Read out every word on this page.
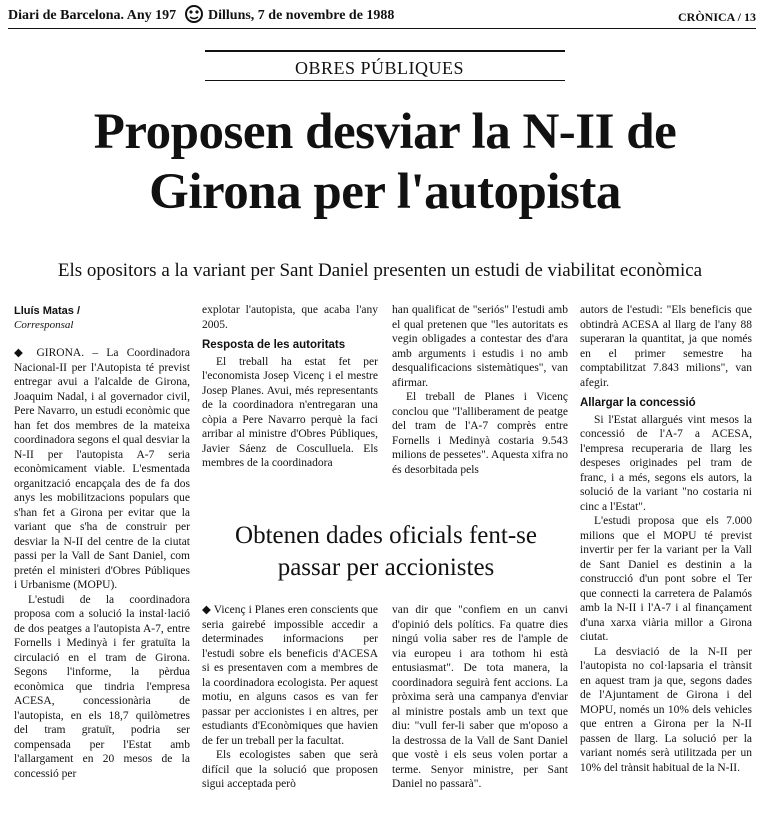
Diari de Barcelona. Any 197 Dilluns, 7 de novembre de 1988	CRÒNICA / 13
OBRES PÚBLIQUES
Proposen desviar la N-II de Girona per l'autopista
Els opositors a la variant per Sant Daniel presenten un estudi de viabilitat econòmica
Lluís Matas /
Corresponsal

◆ GIRONA. – La Coordinadora Nacional-II per l'Autopista té previst entregar avui a l'alcalde de Girona, Joaquim Nadal, i al governador civil, Pere Navarro, un estudi econòmic que han fet dos membres de la mateixa coordinadora segons el qual desviar la N-II per l'autopista A-7 seria econòmicament viable. L'esmentada organització encapçala des de fa dos anys les mobilitzacions populars que s'han fet a Girona per evitar que la variant que s'ha de construir per desviar la N-II del centre de la ciutat passi per la Vall de Sant Daniel, com pretén el ministeri d'Obres Públiques i Urbanisme (MOPU).

L'estudi de la coordinadora proposa com a solució la instal·lació de dos peatges a l'autopista A-7, entre Fornells i Medinyà i fer gratuïta la circulació en el tram de Girona. Segons l'informe, la pèrdua econòmica que tindria l'empresa ACESA, concessionària de l'autopista, en els 18,7 quilòmetres del tram gratuït, podria ser compensada per l'Estat amb l'allargament en 20 mesos de la concessió per

explotar l'autopista, que acaba l'any 2005.

Resposta de les autoritats

El treball ha estat fet per l'economista Josep Vicenç i el mestre Josep Planes. Avui, més representants de la coordinadora n'entregaran una còpia a Pere Navarro perquè la faci arribar al ministre d'Obres Públiques, Javier Sáenz de Cosculluela. Els membres de la coordinadora

han qualificat de "seriós" l'estudi amb el qual pretenen que "les autoritats es vegin obligades a contestar des d'ara amb arguments i estudis i no amb desqualificacions sistemàtiques", van afirmar.

El treball de Planes i Vicenç conclou que "l'alliberament de peatge del tram de l'A-7 comprès entre Fornells i Medinyà costaria 9.543 milions de pessetes". Aquesta xifra no és desorbitada pels

autors de l'estudi: "Els beneficis que obtindrà ACESA al llarg de l'any 88 superaran la quantitat, ja que només en el primer semestre ha comptabilitzat 7.843 milions", van afegir.

Allargar la concessió

Si l'Estat allargués vint mesos la concessió de l'A-7 a ACESA, l'empresa recuperaria de llarg les despeses originades pel tram de franc, i a més, segons els autors, la solució de la variant "no costaria ni cinc a l'Estat".

L'estudi proposa que els 7.000 milions que el MOPU té previst invertir per fer la variant per la Vall de Sant Daniel es destinin a la construcció d'un pont sobre el Ter que connecti la carretera de Palamós amb la N-II i l'A-7 i al finançament d'una xarxa viària millor a Girona ciutat.

La desviació de la N-II per l'autopista no col·lapsaria el trànsit en aquest tram ja que, segons dades de l'Ajuntament de Girona i del MOPU, només un 10% dels vehicles que entren a Girona per la N-II passen de llarg. La solució per la variant només serà utilitzada per un 10% del trànsit habitual de la N-II.

Obtenen dades oficials fent-se passar per accionistes

◆ Vicenç i Planes eren conscients que seria gairebé impossible accedir a determinades informacions per l'estudi sobre els beneficis d'ACESA si es presentaven com a membres de la coordinadora ecologista. Per aquest motiu, en alguns casos es van fer passar per accionistes i en altres, per estudiants d'Econòmiques que havien de fer un treball per la facultat.

Els ecologistes saben que serà difícil que la solució que proposen sigui acceptada però

van dir que "confiem en un canvi d'opinió dels polítics. Fa quatre dies ningú volia saber res de l'ample de via europeu i ara tothom hi està entusiasmat". De tota manera, la coordinadora seguirà fent accions. La pròxima serà una campanya d'enviar al ministre postals amb un text que diu: "vull fer-li saber que m'oposo a la destrossa de la Vall de Sant Daniel que vostè i els seus volen portar a terme. Senyor ministre, per Sant Daniel no passarà".
